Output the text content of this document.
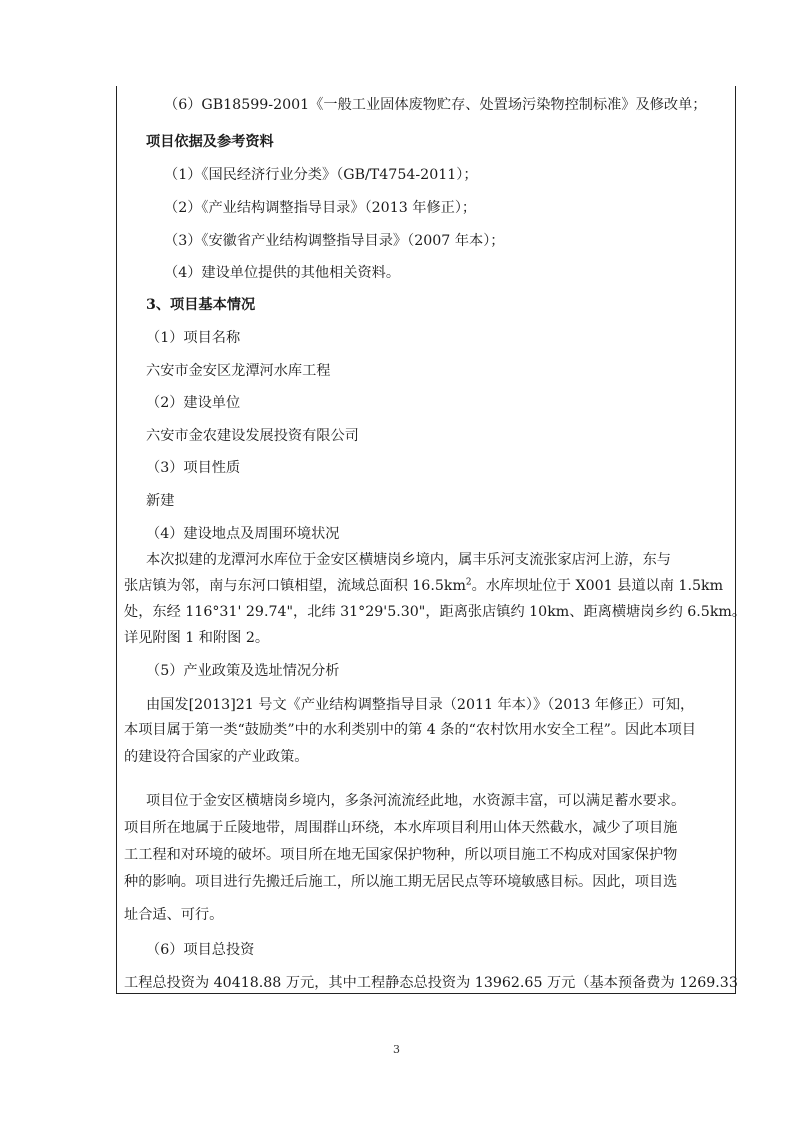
（6）GB18599-2001《一般工业固体废物贮存、处置场污染物控制标准》及修改单；
项目依据及参考资料
（1）《国民经济行业分类》（GB/T4754-2011）；
（2）《产业结构调整指导目录》（2013 年修正）；
（3）《安徽省产业结构调整指导目录》（2007 年本）；
（4）建设单位提供的其他相关资料。
3、项目基本情况
（1）项目名称
六安市金安区龙潭河水库工程
（2）建设单位
六安市金农建设发展投资有限公司
（3）项目性质
新建
（4）建设地点及周围环境状况
本次拟建的龙潭河水库位于金安区横塘岗乡境内，属丰乐河支流张家店河上游，东与
张店镇为邻，南与东河口镇相望，流域总面积 $16.5km^2$。水库坝址位于 X001 县道以南 1.5km
处，东经 116°31' 29.74"，北纬 31°29'5.30"，距离张店镇约 10km、距离横塘岗乡约 6.5km。
详见附图 1 和附图 2。
（5）产业政策及选址情况分析
由国发[2013]21 号文《产业结构调整指导目录（2011 年本）》（2013 年修正）可知，
本项目属于第一类“鼓励类”中的水利类别中的第 4 条的“农村饮用水安全工程”。因此本项目
的建设符合国家的产业政策。
项目位于金安区横塘岗乡境内，多条河流流经此地，水资源丰富，可以满足蓄水要求。
项目所在地属于丘陵地带，周围群山环绕，本水库项目利用山体天然截水，减少了项目施
工工程和对环境的破坏。项目所在地无国家保护物种，所以项目施工不构成对国家保护物
种的影响。项目进行先搬迁后施工，所以施工期无居民点等环境敏感目标。因此，项目选
址合适、可行。
（6）项目总投资
工程总投资为 40418.88 万元，其中工程静态总投资为 13962.65 万元（基本预备费为 1269.33
3
